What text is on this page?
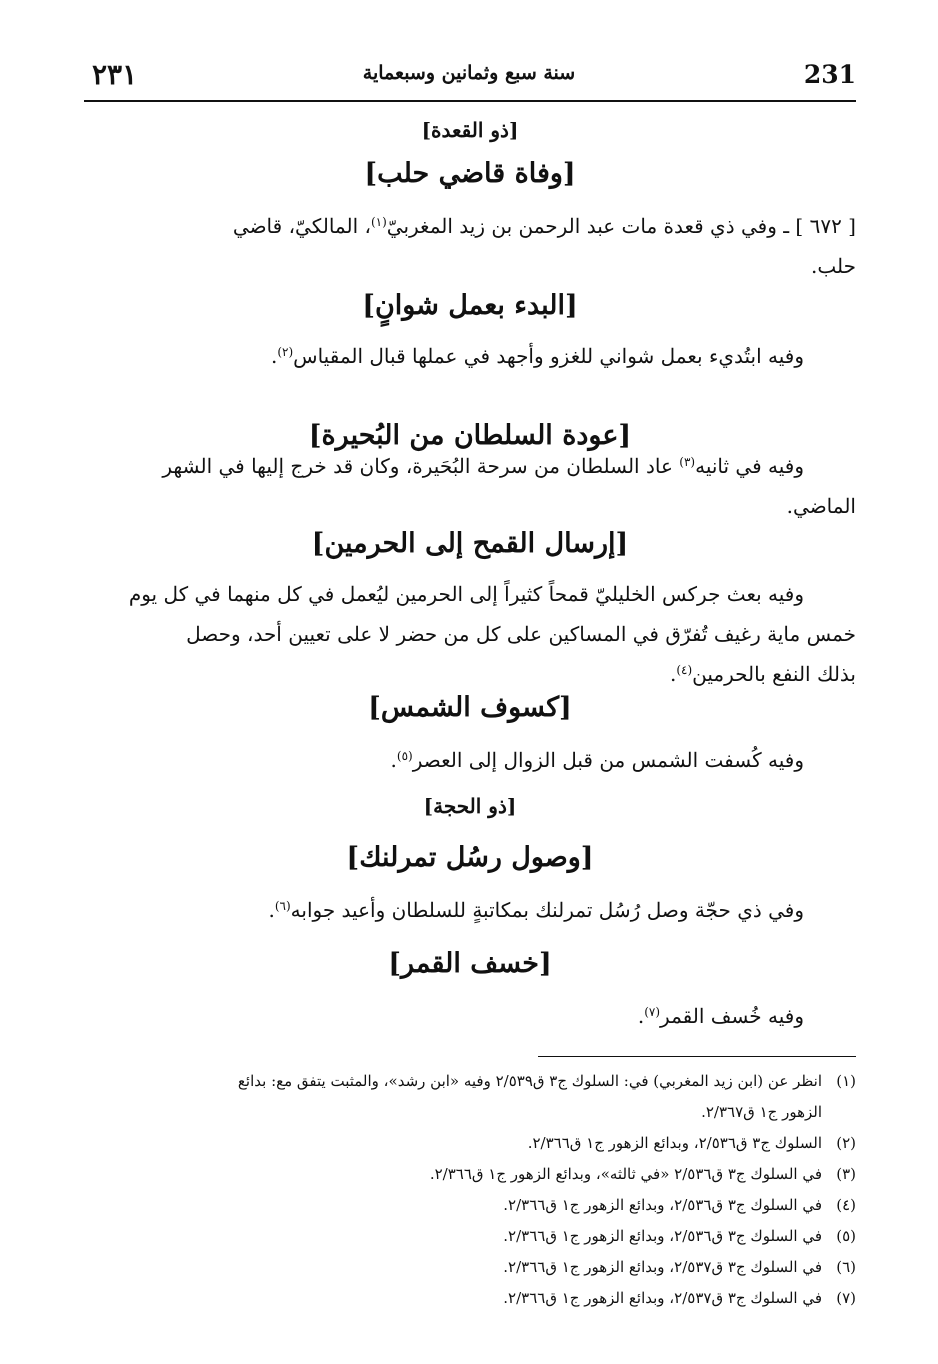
٢٣١	سنة سبع وثمانين وسبعماية	231
[ذو القعدة]
[وفاة قاضي حلب]
[ ٦٧٢ ] ـ وفي ذي قعدة مات عبد الرحمن بن زيد المغربيّ$^{(١)}$، المالكيّ، قاضي
حلب.
[البدء بعمل شوانٍ]
وفيه ابتُديء بعمل شواني للغزو وأجهد في عملها قبال المقياس$^{(٢)}$.
[عودة السلطان من البُحيرة]
وفيه في ثانيه$^{(٣)}$ عاد السلطان من سرحة البُحَيرة، وكان قد خرج إليها في الشهر
الماضي.
[إرسال القمح إلى الحرمين]
وفيه بعث جركس الخليليّ قمحاً كثيراً إلى الحرمين ليُعمل في كل منهما في كل يوم
خمس ماية رغيف تُفرّق في المساكين على كل من حضر لا على تعيين أحد، وحصل
بذلك النفع بالحرمين$^{(٤)}$.
[كسوف الشمس]
وفيه كُسفت الشمس من قبل الزوال إلى العصر$^{(٥)}$.
[ذو الحجة]
[وصول رسُل تمرلنك]
وفي ذي حجّة وصل رُسُل تمرلنك بمكاتبةٍ للسلطان وأعيد جوابه$^{(٦)}$.
[خسف القمر]
وفيه خُسف القمر$^{(٧)}$.
(١)انظر عن (ابن زيد المغربي) في: السلوك ج٣ ق٢/٥٣٩ وفيه «ابن رشد»، والمثبت يتفق مع: بدائع
الزهور ج١ ق٢/٣٦٧.
(٢)السلوك ج٣ ق٢/٥٣٦، وبدائع الزهور ج١ ق٢/٣٦٦.
(٣)في السلوك ج٣ ق٢/٥٣٦ «في ثالثه»، وبدائع الزهور ج١ ق٢/٣٦٦.
(٤)في السلوك ج٣ ق٢/٥٣٦، وبدائع الزهور ج١ ق٢/٣٦٦.
(٥)في السلوك ج٣ ق٢/٥٣٦، وبدائع الزهور ج١ ق٢/٣٦٦.
(٦)في السلوك ج٣ ق٢/٥٣٧، وبدائع الزهور ج١ ق٢/٣٦٦.
(٧)في السلوك ج٣ ق٢/٥٣٧، وبدائع الزهور ج١ ق٢/٣٦٦.
